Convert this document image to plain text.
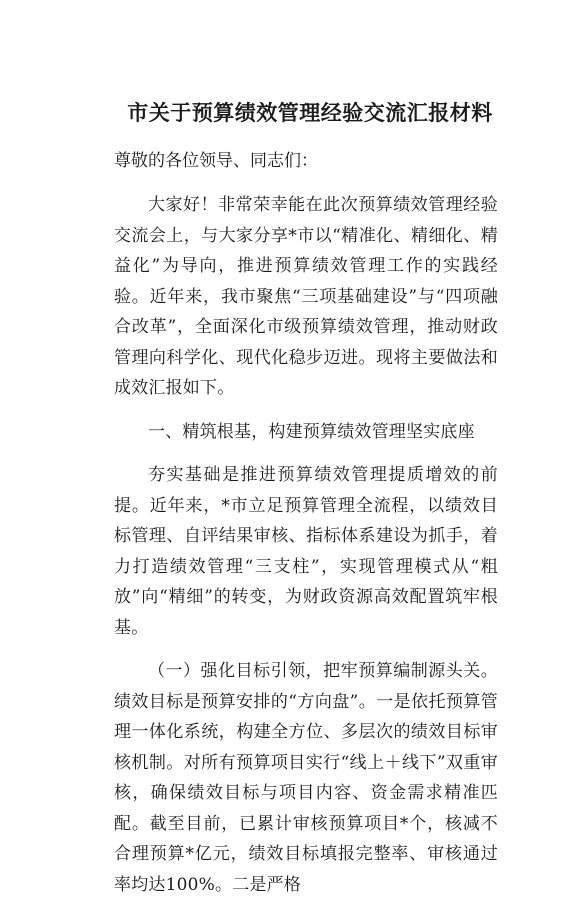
市关于预算绩效管理经验交流汇报材料
尊敬的各位领导、同志们：
大家好！非常荣幸能在此次预算绩效管理经验交流会上，与大家分享*市以“精准化、精细化、精益化”为导向，推进预算绩效管理工作的实践经验。近年来，我市聚焦“三项基础建设”与“四项融合改革”，全面深化市级预算绩效管理，推动财政管理向科学化、现代化稳步迈进。现将主要做法和成效汇报如下。
一、精筑根基，构建预算绩效管理坚实底座
夯实基础是推进预算绩效管理提质增效的前提。近年来，*市立足预算管理全流程，以绩效目标管理、自评结果审核、指标体系建设为抓手，着力打造绩效管理“三支柱”，实现管理模式从“粗放”向“精细”的转变，为财政资源高效配置筑牢根基。
（一）强化目标引领，把牢预算编制源头关。绩效目标是预算安排的“方向盘”。一是依托预算管理一体化系统，构建全方位、多层次的绩效目标审核机制。对所有预算项目实行“线上＋线下”双重审核，确保绩效目标与项目内容、资金需求精准匹配。截至目前，已累计审核预算项目*个，核减不合理预算*亿元，绩效目标填报完整率、审核通过率均达100%。二是严格
